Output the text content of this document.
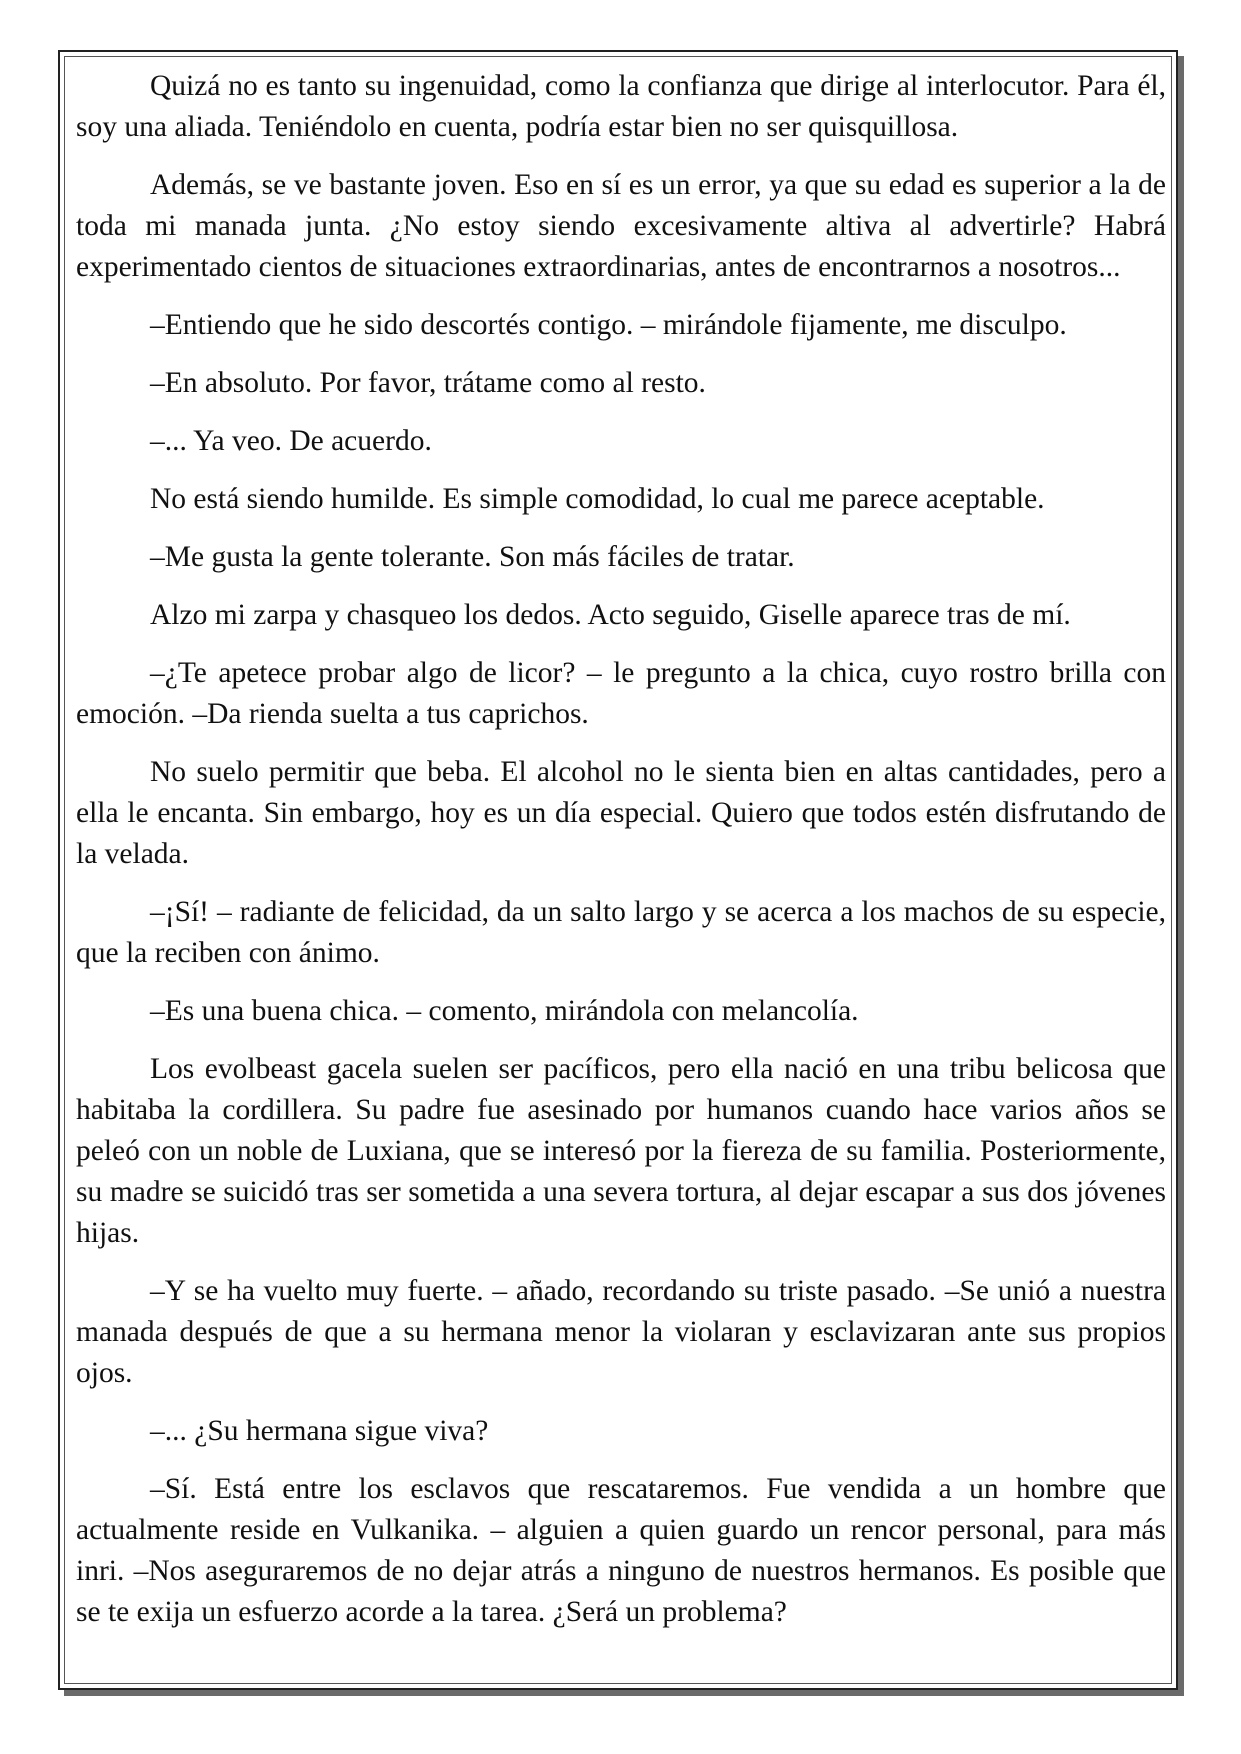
Quizá no es tanto su ingenuidad, como la confianza que dirige al interlocutor. Para él, soy una aliada. Teniéndolo en cuenta, podría estar bien no ser quisquillosa.

Además, se ve bastante joven. Eso en sí es un error, ya que su edad es superior a la de toda mi manada junta. ¿No estoy siendo excesivamente altiva al advertirle? Habrá experimentado cientos de situaciones extraordinarias, antes de encontrarnos a nosotros...

–Entiendo que he sido descortés contigo. – mirándole fijamente, me disculpo.

–En absoluto. Por favor, trátame como al resto.

–... Ya veo. De acuerdo.

No está siendo humilde. Es simple comodidad, lo cual me parece aceptable.

–Me gusta la gente tolerante. Son más fáciles de tratar.

Alzo mi zarpa y chasqueo los dedos. Acto seguido, Giselle aparece tras de mí.

–¿Te apetece probar algo de licor? – le pregunto a la chica, cuyo rostro brilla con emoción. –Da rienda suelta a tus caprichos.

No suelo permitir que beba. El alcohol no le sienta bien en altas cantidades, pero a ella le encanta. Sin embargo, hoy es un día especial. Quiero que todos estén disfrutando de la velada.

–¡Sí! – radiante de felicidad, da un salto largo y se acerca a los machos de su especie, que la reciben con ánimo.

–Es una buena chica. – comento, mirándola con melancolía.

Los evolbeast gacela suelen ser pacíficos, pero ella nació en una tribu belicosa que habitaba la cordillera. Su padre fue asesinado por humanos cuando hace varios años se peleó con un noble de Luxiana, que se interesó por la fiereza de su familia. Posteriormente, su madre se suicidó tras ser sometida a una severa tortura, al dejar escapar a sus dos jóvenes hijas.

–Y se ha vuelto muy fuerte. – añado, recordando su triste pasado. –Se unió a nuestra manada después de que a su hermana menor la violaran y esclavizaran ante sus propios ojos.

–... ¿Su hermana sigue viva?

–Sí. Está entre los esclavos que rescataremos. Fue vendida a un hombre que actualmente reside en Vulkanika. – alguien a quien guardo un rencor personal, para más inri. –Nos aseguraremos de no dejar atrás a ninguno de nuestros hermanos. Es posible que se te exija un esfuerzo acorde a la tarea. ¿Será un problema?
